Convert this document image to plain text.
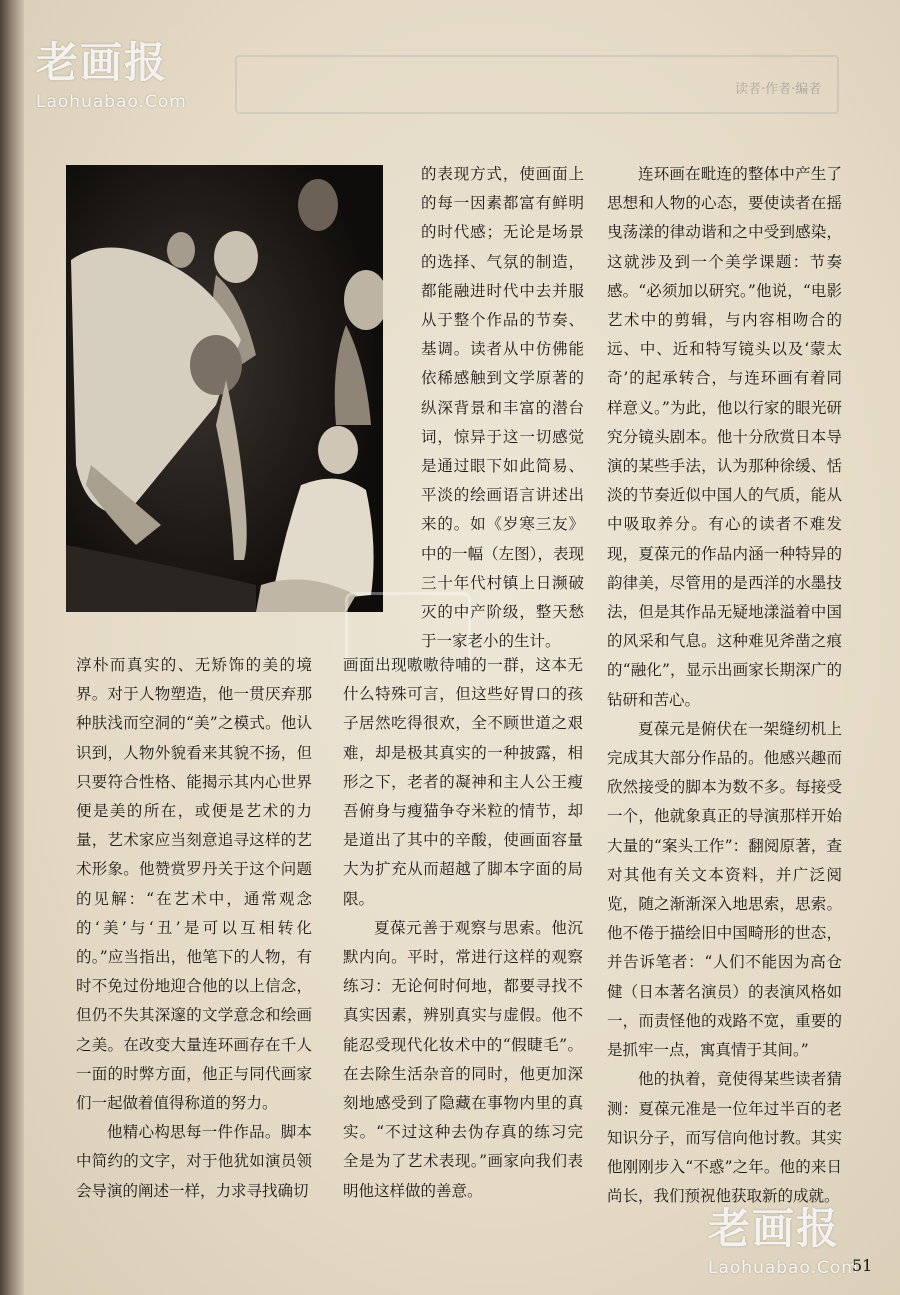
读者·作者·编者
老画报
Laohuabao.Com

的表现方式，使画面上的每一因素都富有鲜明的时代感；无论是场景的选择、气氛的制造，都能融进时代中去并服从于整个作品的节奏、基调。读者从中仿佛能依稀感触到文学原著的纵深背景和丰富的潜台词，惊异于这一切感觉是通过眼下如此简易、平淡的绘画语言讲述出来的。如《岁寒三友》中的一幅（左图），表现三十年代村镇上日濒破灭的中产阶级，整天愁于一家老小的生计。

连环画在毗连的整体中产生了思想和人物的心态，要使读者在摇曳荡漾的律动谐和之中受到感染，这就涉及到一个美学课题：节奏感。“必须加以研究。”他说，“电影艺术中的剪辑，与内容相吻合的远、中、近和特写镜头以及‘蒙太奇’的起承转合，与连环画有着同样意义。”为此，他以行家的眼光研究分镜头剧本。他十分欣赏日本导演的某些手法，认为那种徐缓、恬淡的节奏近似中国人的气质，能从中吸取养分。有心的读者不难发现，夏葆元的作品内涵一种特异的韵律美，尽管用的是西洋的水墨技法，但是其作品无疑地漾溢着中国的风采和气息。这种难见斧凿之痕的“融化”，显示出画家长期深广的钻研和苦心。

夏葆元是俯伏在一架缝纫机上完成其大部分作品的。他感兴趣而欣然接受的脚本为数不多。每接受一个，他就象真正的导演那样开始大量的“案头工作”：翻阅原著，查对其他有关文本资料，并广泛阅览，随之渐渐深入地思索，思索。他不倦于描绘旧中国畸形的世态，并告诉笔者：“人们不能因为高仓健（日本著名演员）的表演风格如一，而责怪他的戏路不宽，重要的是抓牢一点，寓真情于其间。”

他的执着，竟使得某些读者猜测：夏葆元准是一位年过半百的老知识分子，而写信向他讨教。其实他刚刚步入“不惑”之年。他的来日尚长，我们预祝他获取新的成就。

淳朴而真实的、无矫饰的美的境界。对于人物塑造，他一贯厌弃那种肤浅而空洞的“美”之模式。他认识到，人物外貌看来其貌不扬，但只要符合性格、能揭示其内心世界便是美的所在，或便是艺术的力量，艺术家应当刻意追寻这样的艺术形象。他赞赏罗丹关于这个问题的见解：“在艺术中，通常观念的‘美’与‘丑’是可以互相转化的。”应当指出，他笔下的人物，有时不免过份地迎合他的以上信念，但仍不失其深邃的文学意念和绘画之美。在改变大量连环画存在千人一面的时弊方面，他正与同代画家们一起做着值得称道的努力。

他精心构思每一件作品。脚本中简约的文字，对于他犹如演员领会导演的阐述一样，力求寻找确切

画面出现嗷嗷待哺的一群，这本无什么特殊可言，但这些好胃口的孩子居然吃得很欢，全不顾世道之艰难，却是极其真实的一种披露，相形之下，老者的凝神和主人公王瘦吾俯身与瘦猫争夺米粒的情节，却是道出了其中的辛酸，使画面容量大为扩充从而超越了脚本字面的局限。

夏葆元善于观察与思索。他沉默内向。平时，常进行这样的观察练习：无论何时何地，都要寻找不真实因素，辨别真实与虚假。他不能忍受现代化妆术中的“假睫毛”。在去除生活杂音的同时，他更加深刻地感受到了隐藏在事物内里的真实。“不过这种去伪存真的练习完全是为了艺术表现。”画家向我们表明他这样做的善意。

老画报
Laohuabao.Com
51
